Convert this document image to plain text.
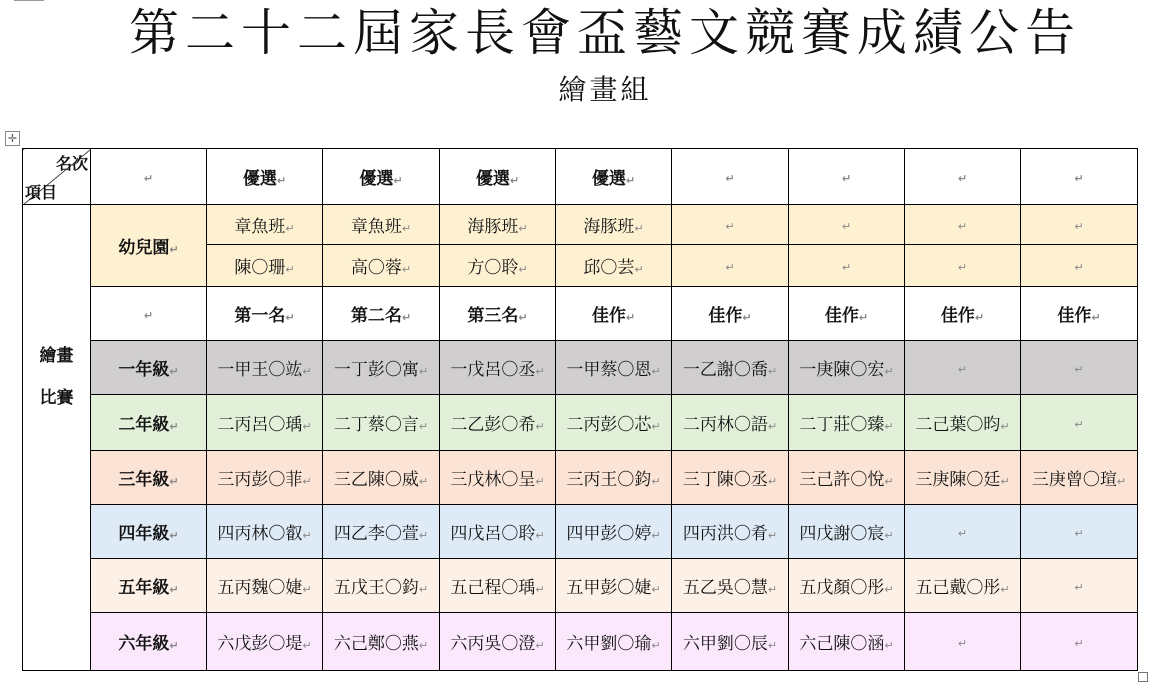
第二十二屆家長會盃藝文競賽成績公告
繪畫組
✛
名次
項目	↵	優選↵	優選↵	優選↵	優選↵	↵	↵	↵	↵
	幼兒園↵	章魚班↵	章魚班↵	海豚班↵	海豚班↵	↵	↵	↵	↵
		陳〇珊↵	高〇蓉↵	方〇聆↵	邱〇芸↵	↵	↵	↵	↵

繪畫
比賽	↵	第一名↵	第二名↵	第三名↵	佳作↵	佳作↵	佳作↵	佳作↵	佳作↵
	一年級↵	一甲王〇竑↵	一丁彭〇寓↵	一戊呂〇丞↵	一甲蔡〇恩↵	一乙謝〇喬↵	一庚陳〇宏↵	↵	↵
	二年級↵	二丙呂〇瑀↵	二丁蔡〇言↵	二乙彭〇希↵	二丙彭〇芯↵	二丙林〇語↵	二丁莊〇臻↵	二己葉〇昀↵	↵
	三年級↵	三丙彭〇菲↵	三乙陳〇威↵	三戊林〇呈↵	三丙王〇鈞↵	三丁陳〇丞↵	三己許〇悅↵	三庚陳〇廷↵	三庚曾〇瑄↵
	四年級↵	四丙林〇叡↵	四乙李〇萱↵	四戊呂〇聆↵	四甲彭〇婷↵	四丙洪〇肴↵	四戊謝〇宸↵	↵	↵
	五年級↵	五丙魏〇婕↵	五戊王〇鈞↵	五己程〇瑀↵	五甲彭〇婕↵	五乙吳〇慧↵	五戊顏〇彤↵	五己戴〇彤↵	↵
	六年級↵	六戊彭〇堤↵	六己鄭〇燕↵	六丙吳〇澄↵	六甲劉〇瑜↵	六甲劉〇辰↵	六己陳〇涵↵	↵	↵
